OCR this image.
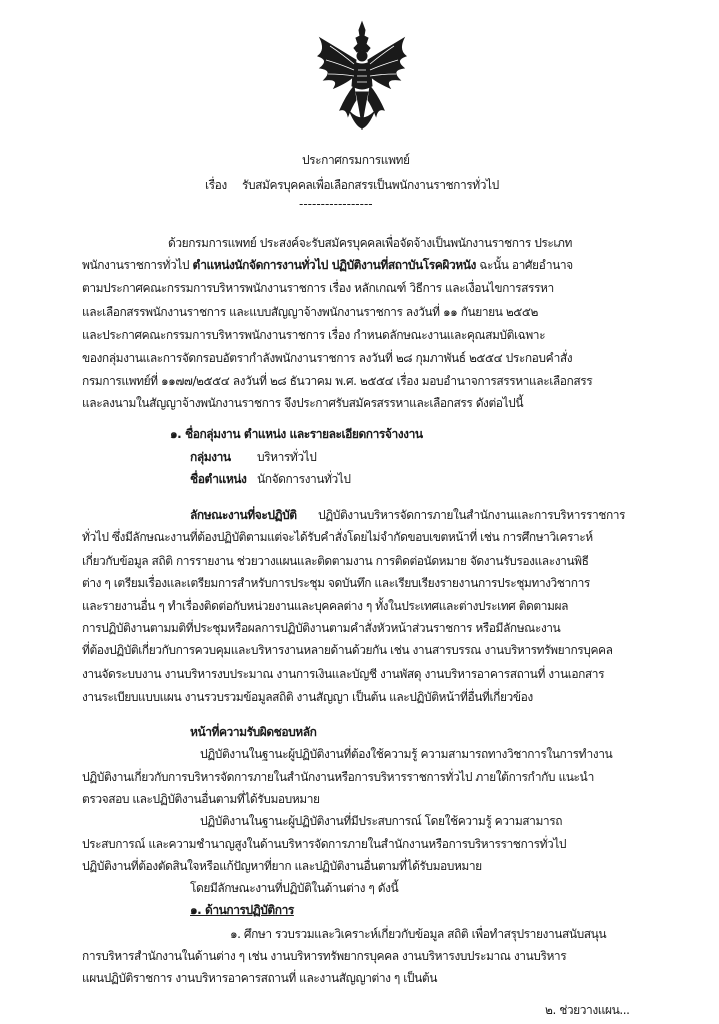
ประกาศกรมการแพทย์
เรื่อง รับสมัครบุคคลเพื่อเลือกสรรเป็นพนักงานราชการทั่วไป
-----------------
ด้วยกรมการแพทย์ ประสงค์จะรับสมัครบุคคลเพื่อจัดจ้างเป็นพนักงานราชการ ประเภท
พนักงานราชการทั่วไป ตำแหน่งนักจัดการงานทั่วไป ปฏิบัติงานที่สถาบันโรคผิวหนัง ฉะนั้น อาศัยอำนาจ
ตามประกาศคณะกรรมการบริหารพนักงานราชการ เรื่อง หลักเกณฑ์ วิธีการ และเงื่อนไขการสรรหา
และเลือกสรรพนักงานราชการ และแบบสัญญาจ้างพนักงานราชการ ลงวันที่ ๑๑ กันยายน ๒๕๕๒
และประกาศคณะกรรมการบริหารพนักงานราชการ เรื่อง กำหนดลักษณะงานและคุณสมบัติเฉพาะ
ของกลุ่มงานและการจัดกรอบอัตรากำลังพนักงานราชการ ลงวันที่ ๒๘ กุมภาพันธ์ ๒๕๕๔ ประกอบคำสั่ง
กรมการแพทย์ที่ ๑๑๗๗/๒๕๕๔ ลงวันที่ ๒๘ ธันวาคม พ.ศ. ๒๕๕๔ เรื่อง มอบอำนาจการสรรหาและเลือกสรร
และลงนามในสัญญาจ้างพนักงานราชการ จึงประกาศรับสมัครสรรหาและเลือกสรร ดังต่อไปนี้
๑. ชื่อกลุ่มงาน ตำแหน่ง และรายละเอียดการจ้างงาน
กลุ่มงาน บริหารทั่วไป
ชื่อตำแหน่ง นักจัดการงานทั่วไป
ลักษณะงานที่จะปฏิบัติ ปฏิบัติงานบริหารจัดการภายในสำนักงานและการบริหารราชการ
ทั่วไป ซึ่งมีลักษณะงานที่ต้องปฏิบัติตามแต่จะได้รับคำสั่งโดยไม่จำกัดขอบเขตหน้าที่ เช่น การศึกษาวิเคราะห์
เกี่ยวกับข้อมูล สถิติ การรายงาน ช่วยวางแผนและติดตามงาน การติดต่อนัดหมาย จัดงานรับรองและงานพิธี
ต่าง ๆ เตรียมเรื่องและเตรียมการสำหรับการประชุม จดบันทึก และเรียบเรียงรายงานการประชุมทางวิชาการ
และรายงานอื่น ๆ ทำเรื่องติดต่อกับหน่วยงานและบุคคลต่าง ๆ ทั้งในประเทศและต่างประเทศ ติดตามผล
การปฏิบัติงานตามมติที่ประชุมหรือผลการปฏิบัติงานตามคำสั่งหัวหน้าส่วนราชการ หรือมีลักษณะงาน
ที่ต้องปฏิบัติเกี่ยวกับการควบคุมและบริหารงานหลายด้านด้วยกัน เช่น งานสารบรรณ งานบริหารทรัพยากรบุคคล
งานจัดระบบงาน งานบริหารงบประมาณ งานการเงินและบัญชี งานพัสดุ งานบริหารอาคารสถานที่ งานเอกสาร
งานระเบียบแบบแผน งานรวบรวมข้อมูลสถิติ งานสัญญา เป็นต้น และปฏิบัติหน้าที่อื่นที่เกี่ยวข้อง
หน้าที่ความรับผิดชอบหลัก
ปฏิบัติงานในฐานะผู้ปฏิบัติงานที่ต้องใช้ความรู้ ความสามารถทางวิชาการในการทำงาน
ปฏิบัติงานเกี่ยวกับการบริหารจัดการภายในสำนักงานหรือการบริหารราชการทั่วไป ภายใต้การกำกับ แนะนำ
ตรวจสอบ และปฏิบัติงานอื่นตามที่ได้รับมอบหมาย
ปฏิบัติงานในฐานะผู้ปฏิบัติงานที่มีประสบการณ์ โดยใช้ความรู้ ความสามารถ
ประสบการณ์ และความชำนาญสูงในด้านบริหารจัดการภายในสำนักงานหรือการบริหารราชการทั่วไป
ปฏิบัติงานที่ต้องตัดสินใจหรือแก้ปัญหาที่ยาก และปฏิบัติงานอื่นตามที่ได้รับมอบหมาย
โดยมีลักษณะงานที่ปฏิบัติในด้านต่าง ๆ ดังนี้
๑. ด้านการปฏิบัติการ
๑. ศึกษา รวบรวมและวิเคราะห์เกี่ยวกับข้อมูล สถิติ เพื่อทำสรุปรายงานสนับสนุน
การบริหารสำนักงานในด้านต่าง ๆ เช่น งานบริหารทรัพยากรบุคคล งานบริหารงบประมาณ งานบริหาร
แผนปฏิบัติราชการ งานบริหารอาคารสถานที่ และงานสัญญาต่าง ๆ เป็นต้น
๒. ช่วยวางแผน...
